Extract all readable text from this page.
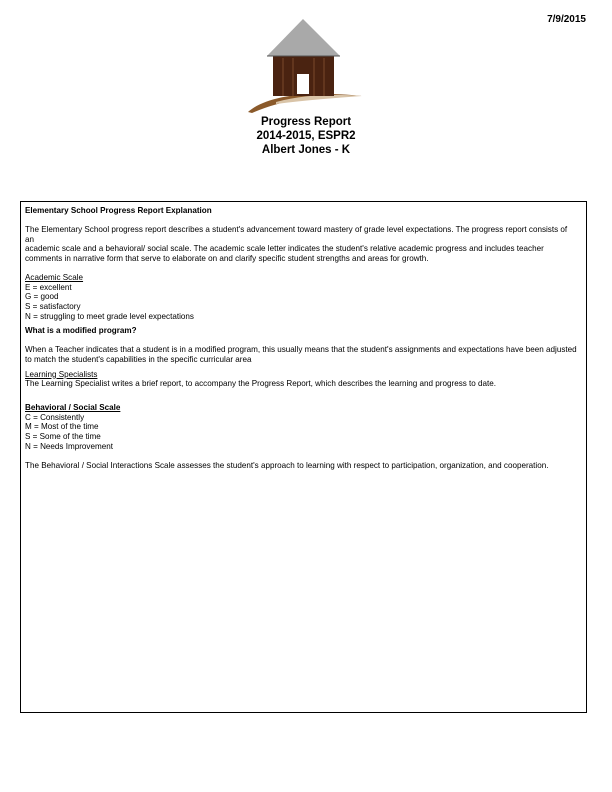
7/9/2015
Progress Report
2014-2015, ESPR2
Albert Jones - K

Elementary School Progress Report Explanation

The Elementary School progress report describes a student's advancement toward mastery of grade level expectations. The progress report consists of an

academic scale and a behavioral/ social scale. The academic scale letter indicates the student's relative academic progress and includes teacher

comments in narrative form that serve to elaborate on and clarify specific student strengths and areas for growth.

Academic Scale

E = excellent

G = good

S = satisfactory

N = struggling to meet grade level expectations

What is a modified program?

When a Teacher indicates that a student is in a modified program, this usually means that the student's assignments and expectations have been adjusted

to match the student's capabilities in the specific curricular area

Learning Specialists

The Learning Specialist writes a brief report, to accompany the Progress Report, which describes the learning and progress to date.

Behavioral / Social Scale

C = Consistently

M = Most of the time

S = Some of the time

N = Needs Improvement

The Behavioral / Social Interactions Scale assesses the student's approach to learning with respect to participation, organization, and cooperation.
